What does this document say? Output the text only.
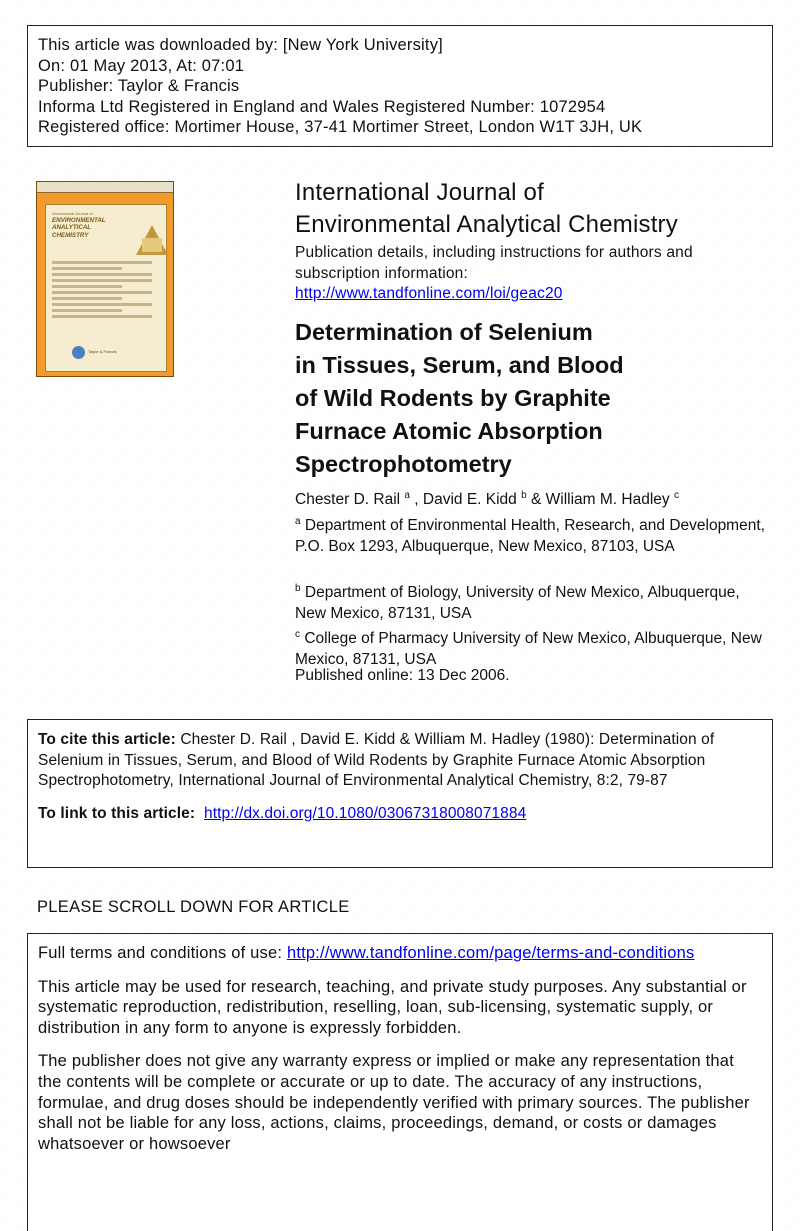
This article was downloaded by: [New York University]
On: 01 May 2013, At: 07:01
Publisher: Taylor & Francis
Informa Ltd Registered in England and Wales Registered Number: 1072954
Registered office: Mortimer House, 37-41 Mortimer Street, London W1T 3JH, UK
International Journal of
ENVIRONMENTAL
ANALYTICAL
CHEMISTRY
Taylor & Francis
International Journal of
Environmental Analytical Chemistry
Publication details, including instructions for authors and subscription information:
http://www.tandfonline.com/loi/geac20
Determination of Selenium
in Tissues, Serum, and Blood
of Wild Rodents by Graphite
Furnace Atomic Absorption
Spectrophotometry
Chester D. Rail $^a$ , David E. Kidd $^b$ & William M. Hadley $^c$
$^a$ Department of Environmental Health, Research, and Development, P.O. Box 1293, Albuquerque, New Mexico, 87103, USA
$^b$ Department of Biology, University of New Mexico, Albuquerque, New Mexico, 87131, USA
$^c$ College of Pharmacy University of New Mexico, Albuquerque, New Mexico, 87131, USA
Published online: 13 Dec 2006.
To cite this article: Chester D. Rail , David E. Kidd & William M. Hadley (1980): Determination of Selenium in Tissues, Serum, and Blood of Wild Rodents by Graphite Furnace Atomic Absorption Spectrophotometry, International Journal of Environmental Analytical Chemistry, 8:2, 79-87
To link to this article: http://dx.doi.org/10.1080/03067318008071884
PLEASE SCROLL DOWN FOR ARTICLE

Full terms and conditions of use: http://www.tandfonline.com/page/terms-and-conditions

This article may be used for research, teaching, and private study purposes. Any substantial or systematic reproduction, redistribution, reselling, loan, sub-licensing, systematic supply, or distribution in any form to anyone is expressly forbidden.

The publisher does not give any warranty express or implied or make any representation that the contents will be complete or accurate or up to date. The accuracy of any instructions, formulae, and drug doses should be independently verified with primary sources. The publisher shall not be liable for any loss, actions, claims, proceedings, demand, or costs or damages whatsoever or howsoever
